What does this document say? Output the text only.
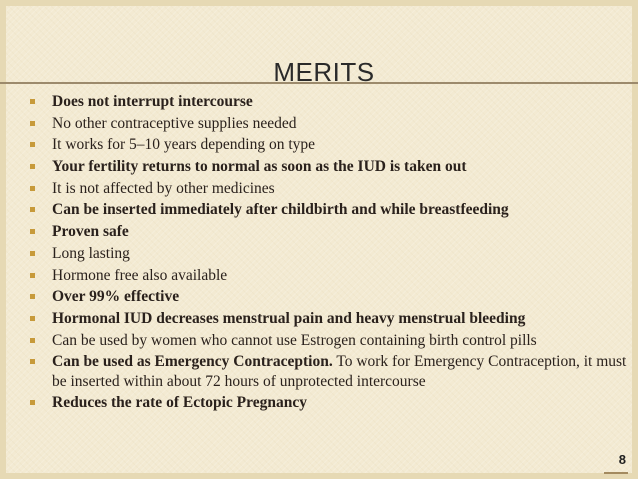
MERITS
Does not interrupt intercourse
No other contraceptive supplies needed
It works for 5–10 years depending on type
Your fertility returns to normal as soon as the IUD is taken out
It is not affected by other medicines
Can be inserted immediately after childbirth and while breastfeeding
Proven safe
Long lasting
Hormone free also available
Over 99% effective
Hormonal IUD decreases menstrual pain and heavy menstrual bleeding
Can be used by women who cannot use Estrogen containing birth control pills
Can be used as Emergency Contraception. To work for Emergency Contraception, it must be inserted within about 72 hours of unprotected intercourse
Reduces the rate of Ectopic Pregnancy
8
